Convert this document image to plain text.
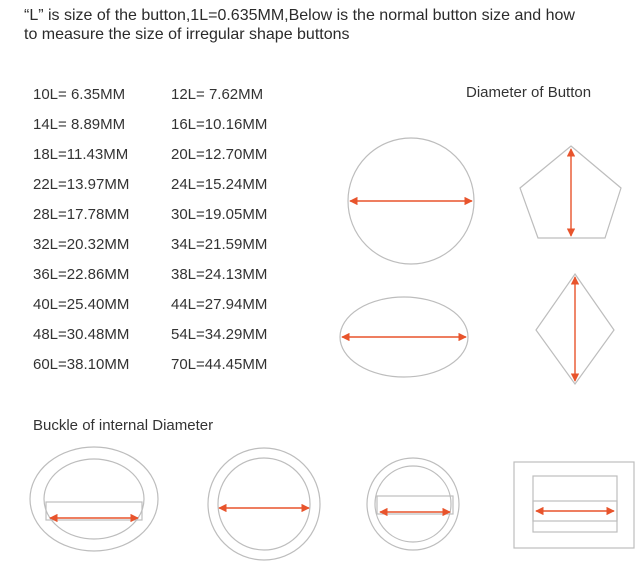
“L” is size of the button,1L=0.635MM,Below is the normal button size and how
to measure the size of irregular shape buttons
10L= 6.35MM	12L= 7.62MM
14L= 8.89MM	16L=10.16MM
18L=11.43MM	20L=12.70MM
22L=13.97MM	24L=15.24MM
28L=17.78MM	30L=19.05MM
32L=20.32MM	34L=21.59MM
36L=22.86MM	38L=24.13MM
40L=25.40MM	44L=27.94MM
48L=30.48MM	54L=34.29MM
60L=38.10MM	70L=44.45MM
Diameter of Button
Buckle of internal Diameter
